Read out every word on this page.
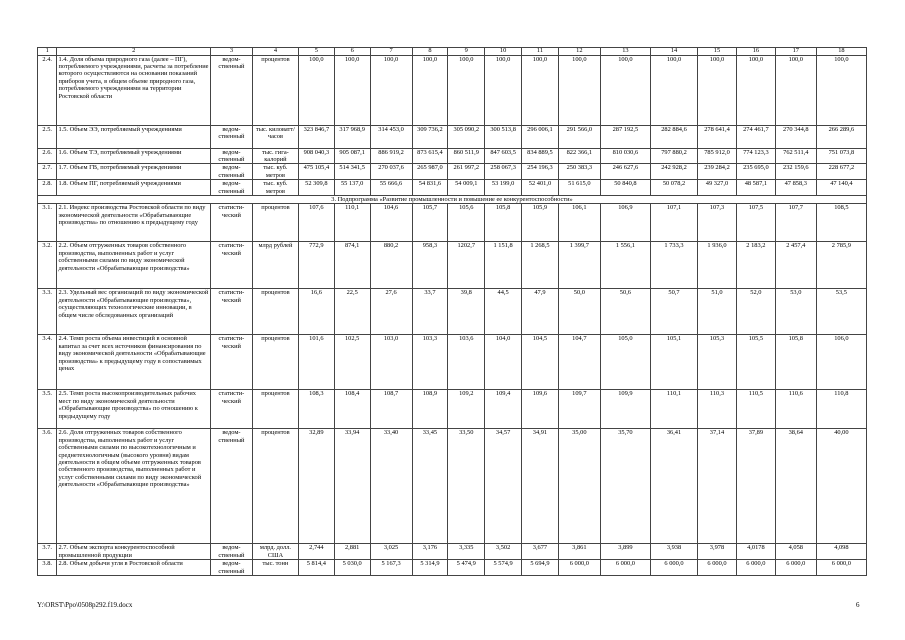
1	2	3	4	5	6	7	8	9	10	11	12	13	14	15	16	17	18
2.4.	1.4. Доля объема природного газа (далее – ПГ), потребляемого учреждениями, расчеты за потребление которого осуществляются на основании показаний приборов учета, в общем объеме природного газа, потребляемого учреждениями на территории Ростовской области	ведом-ственный	процентов	100,0	100,0	100,0	100,0	100,0	100,0	100,0	100,0	100,0	100,0	100,0	100,0	100,0	100,0
2.5.	1.5. Объем ЭЭ, потребляемый учреждениями	ведом-ственный	тыс. киловатт/часов	323 846,7	317 968,9	314 453,0	309 736,2	305 090,2	300 513,8	296 006,1	291 566,0	287 192,5	282 884,6	278 641,4	274 461,7	270 344,8	266 289,6
2.6.	1.6. Объем ТЭ, потребляемый учреждениями	ведом-ственный	тыс. гига-калорий	908 040,3	905 087,1	886 919,2	873 615,4	860 511,9	847 603,5	834 889,5	822 366,1	810 030,6	797 880,2	785 912,0	774 123,3	762 511,4	751 073,8
2.7.	1.7. Объем ГВ, потребляемый учреждениями	ведом-ственный	тыс. куб. метров	475 105,4	514 341,5	270 037,6	265 987,0	261 997,2	258 067,3	254 196,3	250 383,3	246 627,6	242 928,2	239 284,2	235 695,0	232 159,6	228 677,2
2.8.	1.8. Объем ПГ, потребляемый учреждениями	ведом-ственный	тыс. куб. метров	52 309,8	55 137,0	55 666,6	54 831,6	54 009,1	53 199,0	52 401,0	51 615,0	50 840,8	50 078,2	49 327,0	48 587,1	47 858,3	47 140,4
3. Подпрограмма «Развитие промышленности и повышение ее конкурентоспособности»																	
3.1.	2.1. Индекс производства Ростовской области по виду экономической деятельности «Обрабатывающие производства» по отношению к предыдущему году	статисти-ческий	процентов	107,6	110,1	104,6	105,7	105,6	105,8	105,9	106,1	106,9	107,1	107,3	107,5	107,7	108,5
3.2.	2.2. Объем отгруженных товаров собственного производства, выполненных работ и услуг собственными силами по виду экономической деятельности «Обрабатывающие производства»	статисти-ческий	млрд рублей	772,9	874,1	880,2	958,3	1202,7	1 151,8	1 268,5	1 399,7	1 556,1	1 733,3	1 936,0	2 183,2	2 457,4	2 785,9
3.3.	2.3. Удельный вес организаций по виду экономической деятельности «Обрабатывающие производства», осуществляющих технологические инновации, в общем числе обследованных организаций	статисти-ческий	процентов	16,6	22,5	27,6	33,7	39,8	44,5	47,9	50,0	50,6	50,7	51,0	52,0	53,0	53,5
3.4.	2.4. Темп роста объема инвестиций в основной капитал за счет всех источников финансирования по виду экономической деятельности «Обрабатывающие производства» к предыдущему году в сопоставимых ценах	статисти-ческий	процентов	101,6	102,5	103,0	103,3	103,6	104,0	104,5	104,7	105,0	105,1	105,3	105,5	105,8	106,0
3.5.	2.5. Темп роста высокопроизводительных рабочих мест по виду экономической деятельности «Обрабатывающие производства» по отношению к предыдущему году	статисти-ческий	процентов	108,3	108,4	108,7	108,9	109,2	109,4	109,6	109,7	109,9	110,1	110,3	110,5	110,6	110,8
3.6.	2.6. Доля отгруженных товаров собственного производства, выполненных работ и услуг собственными силами по высокотехнологичным и среднетехнологичным (высокого уровня) видам деятельности в общем объеме отгруженных товаров собственного производства, выполненных работ и услуг собственными силами по виду экономической деятельности «Обрабатывающие производства»	ведом-ственный	процентов	32,89	33,94	33,40	33,45	33,50	34,57	34,91	35,00	35,70	36,41	37,14	37,89	38,64	40,00
3.7.	2.7. Объем экспорта конкурентоспособной промышленной продукции	ведом-ственный	млрд. долл. США	2,744	2,881	3,025	3,176	3,335	3,502	3,677	3,861	3,899	3,938	3,978	4,0178	4,058	4,098
3.8.	2.8. Объем добычи угля в Ростовской области	ведом-ственный	тыс. тонн	5 814,4	5 030,0	5 167,3	5 314,9	5 474,9	5 574,9	5 694,9	6 000,0	6 000,0	6 000,0	6 000,0	6 000,0	6 000,0	6 000,0
Y:\ORST\Ppo\0508p292.f19.docx	6
